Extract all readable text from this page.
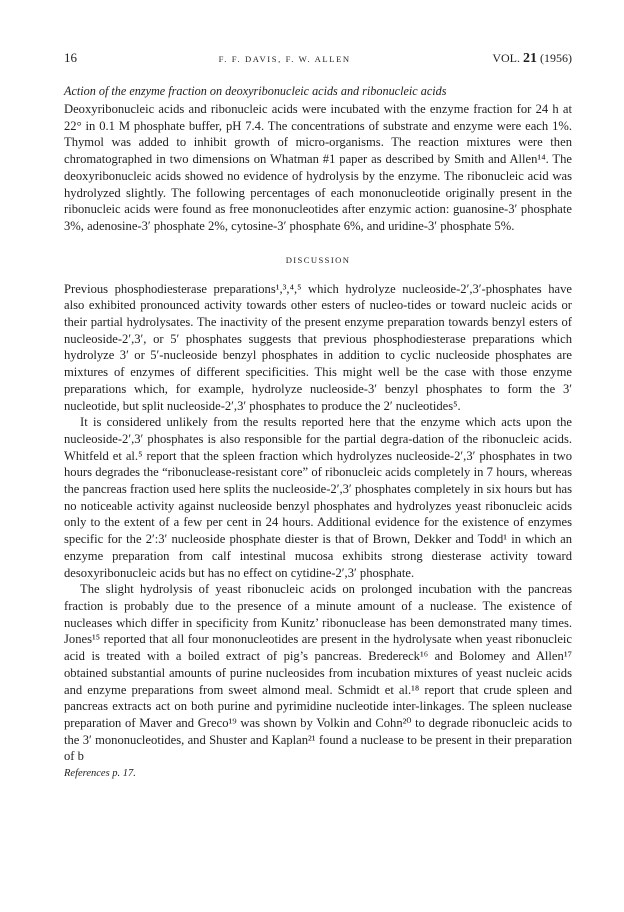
16	F. F. DAVIS, F. W. ALLEN	VOL. 21 (1956)
Action of the enzyme fraction on deoxyribonucleic acids and ribonucleic acids

Deoxyribonucleic acids and ribonucleic acids were incubated with the enzyme fraction for 24 h at 22° in 0.1 M phosphate buffer, pH 7.4. The concentrations of substrate and enzyme were each 1%. Thymol was added to inhibit growth of micro-organisms. The reaction mixtures were then chromatographed in two dimensions on Whatman #1 paper as described by Smith and Allen¹⁴. The deoxyribonucleic acids showed no evidence of hydrolysis by the enzyme. The ribonucleic acid was hydrolyzed slightly. The following percentages of each mononucleotide originally present in the ribonucleic acids were found as free mononucleotides after enzymic action: guanosine-3′ phosphate 3%, adenosine-3′ phosphate 2%, cytosine-3′ phosphate 6%, and uridine-3′ phosphate 5%.

DISCUSSION

Previous phosphodiesterase preparations¹,³,⁴,⁵ which hydrolyze nucleoside-2′,3′-phosphates have also exhibited pronounced activity towards other esters of nucleo-tides or toward nucleic acids or their partial hydrolysates. The inactivity of the present enzyme preparation towards benzyl esters of nucleoside-2′,3′, or 5′ phosphates suggests that previous phosphodiesterase preparations which hydrolyze 3′ or 5′-nucleoside benzyl phosphates in addition to cyclic nucleoside phosphates are mixtures of enzymes of different specificities. This might well be the case with those enzyme preparations which, for example, hydrolyze nucleoside-3′ benzyl phosphates to form the 3′ nucleotide, but split nucleoside-2′,3′ phosphates to produce the 2′ nucleotides⁵.

It is considered unlikely from the results reported here that the enzyme which acts upon the nucleoside-2′,3′ phosphates is also responsible for the partial degra-dation of the ribonucleic acids. Whitfeld et al.⁵ report that the spleen fraction which hydrolyzes nucleoside-2′,3′ phosphates in two hours degrades the “ribonuclease-resistant core” of ribonucleic acids completely in 7 hours, whereas the pancreas fraction used here splits the nucleoside-2′,3′ phosphates completely in six hours but has no noticeable activity against nucleoside benzyl phosphates and hydrolyzes yeast ribonucleic acids only to the extent of a few per cent in 24 hours. Additional evidence for the existence of enzymes specific for the 2′:3′ nucleoside phosphate diester is that of Brown, Dekker and Todd¹ in which an enzyme preparation from calf intestinal mucosa exhibits strong diesterase activity toward desoxyribonucleic acids but has no effect on cytidine-2′,3′ phosphate.

The slight hydrolysis of yeast ribonucleic acids on prolonged incubation with the pancreas fraction is probably due to the presence of a minute amount of a nuclease. The existence of nucleases which differ in specificity from Kunitz’ ribonuclease has been demonstrated many times. Jones¹⁵ reported that all four mononucleotides are present in the hydrolysate when yeast ribonucleic acid is treated with a boiled extract of pig’s pancreas. Bredereck¹⁶ and Bolomey and Allen¹⁷ obtained substantial amounts of purine nucleosides from incubation mixtures of yeast nucleic acids and enzyme preparations from sweet almond meal. Schmidt et al.¹⁸ report that crude spleen and pancreas extracts act on both purine and pyrimidine nucleotide inter-linkages. The spleen nuclease preparation of Maver and Greco¹⁹ was shown by Volkin and Cohn²⁰ to degrade ribonucleic acids to the 3′ mononucleotides, and Shuster and Kaplan²¹ found a nuclease to be present in their preparation of b

References p. 17.
